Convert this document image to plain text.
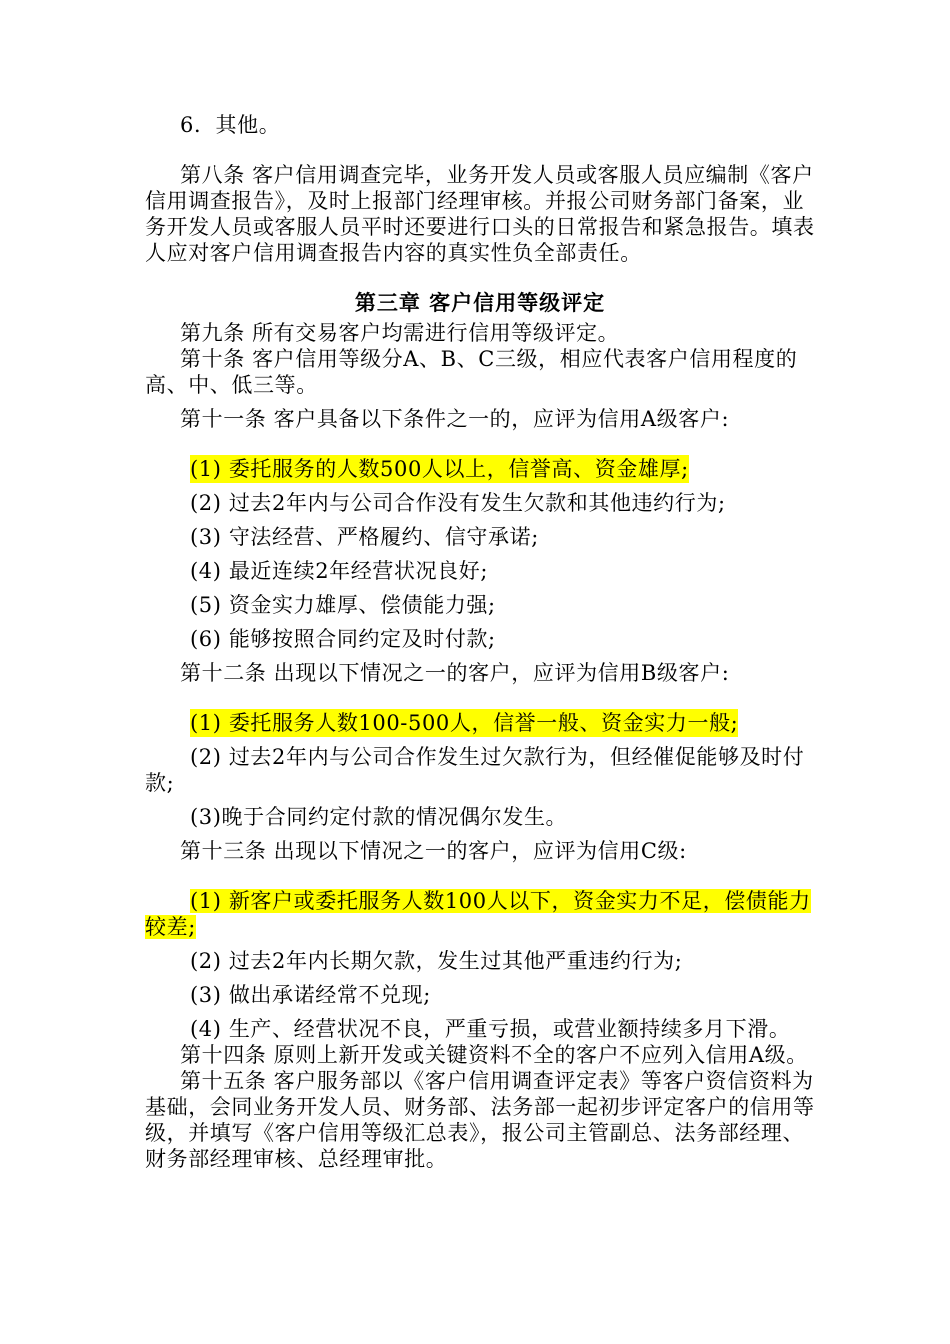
6．其他。

第八条 客户信用调查完毕，业务开发人员或客服人员应编制《客户信用调查报告》，及时上报部门经理审核。并报公司财务部门备案，业务开发人员或客服人员平时还要进行口头的日常报告和紧急报告。填表人应对客户信用调查报告内容的真实性负全部责任。

第三章 客户信用等级评定

第九条 所有交易客户均需进行信用等级评定。

第十条 客户信用等级分A、B、C三级，相应代表客户信用程度的高、中、低三等。

第十一条 客户具备以下条件之一的，应评为信用A级客户:

(1) 委托服务的人数500人以上，信誉高、资金雄厚;

(2) 过去2年内与公司合作没有发生欠款和其他违约行为;

(3) 守法经营、严格履约、信守承诺;

(4) 最近连续2年经营状况良好;

(5) 资金实力雄厚、偿债能力强;

(6) 能够按照合同约定及时付款;

第十二条 出现以下情况之一的客户，应评为信用B级客户:

(1) 委托服务人数100-500人，信誉一般、资金实力一般;

(2) 过去2年内与公司合作发生过欠款行为，但经催促能够及时付款;

(3)晚于合同约定付款的情况偶尔发生。

第十三条 出现以下情况之一的客户，应评为信用C级:

(1) 新客户或委托服务人数100人以下，资金实力不足，偿债能力较差;

(2) 过去2年内长期欠款，发生过其他严重违约行为;

(3) 做出承诺经常不兑现;

(4) 生产、经营状况不良，严重亏损，或营业额持续多月下滑。

第十四条 原则上新开发或关键资料不全的客户不应列入信用A级。

第十五条 客户服务部以《客户信用调查评定表》等客户资信资料为基础，会同业务开发人员、财务部、法务部一起初步评定客户的信用等级，并填写《客户信用等级汇总表》，报公司主管副总、法务部经理、财务部经理审核、总经理审批。
